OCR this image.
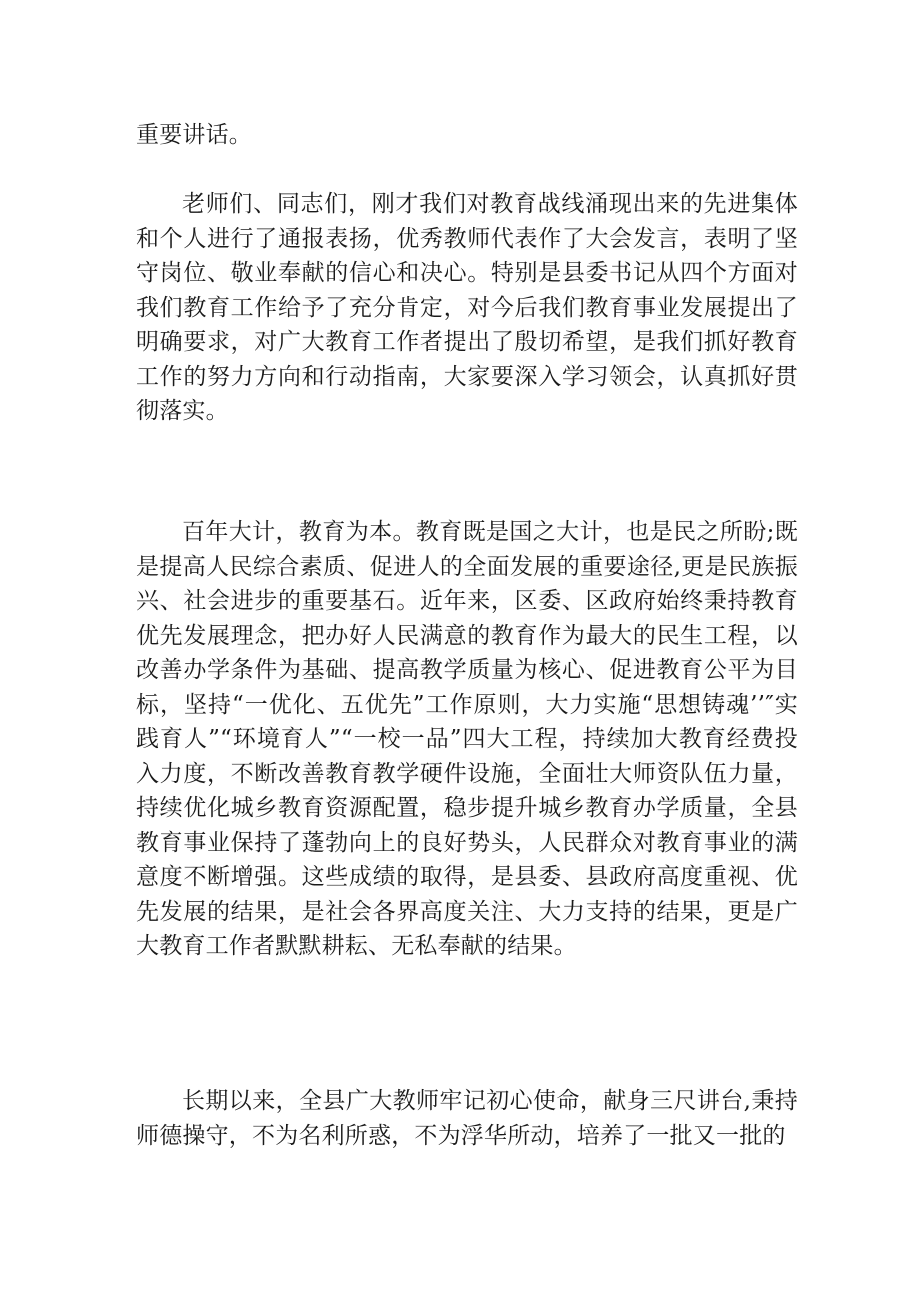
重要讲话。

老师们、同志们，刚才我们对教育战线涌现出来的先进集体和个人进行了通报表扬，优秀教师代表作了大会发言，表明了坚守岗位、敬业奉献的信心和决心。特别是县委书记从四个方面对我们教育工作给予了充分肯定，对今后我们教育事业发展提出了明确要求，对广大教育工作者提出了殷切希望，是我们抓好教育工作的努力方向和行动指南，大家要深入学习领会，认真抓好贯彻落实。

百年大计，教育为本。教育既是国之大计，也是民之所盼;既是提高人民综合素质、促进人的全面发展的重要途径,更是民族振兴、社会进步的重要基石。近年来，区委、区政府始终秉持教育优先发展理念，把办好人民满意的教育作为最大的民生工程，以改善办学条件为基础、提高教学质量为核心、促进教育公平为目标，坚持“一优化、五优先”工作原则，大力实施“思想铸魂’’″实践育人”“环境育人”“一校一品”四大工程，持续加大教育经费投入力度，不断改善教育教学硬件设施，全面壮大师资队伍力量，持续优化城乡教育资源配置，稳步提升城乡教育办学质量，全县教育事业保持了蓬勃向上的良好势头，人民群众对教育事业的满意度不断增强。这些成绩的取得，是县委、县政府高度重视、优先发展的结果，是社会各界高度关注、大力支持的结果，更是广大教育工作者默默耕耘、无私奉献的结果。

长期以来，全县广大教师牢记初心使命，献身三尺讲台,秉持师德操守，不为名利所惑，不为浮华所动，培养了一批又一批的
